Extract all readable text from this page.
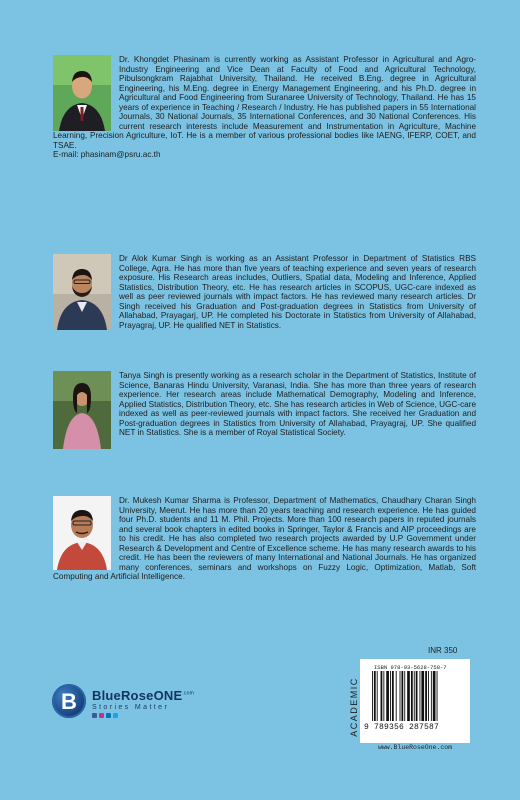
Dr. Khongdet Phasinam is currently working as Assistant Professor in Agricultural and Agro-Industry Engineering and Vice Dean at Faculty of Food and Agricultural Technology, Pibulsongkram Rajabhat University, Thailand. He received B.Eng. degree in Agricultural Engineering, his M.Eng. degree in Energy Management Engineering, and his Ph.D. degree in Agricultural and Food Engineering from Suranaree University of Technology, Thailand. He has 15 years of experience in Teaching / Research / Industry. He has published papers in 55 International Journals, 30 National Journals, 35 International Conferences, and 30 National Conferences. His current research interests include Measurement and Instrumentation in Agriculture, Machine Learning, Precision Agriculture, IoT. He is a member of various professional bodies like IAENG, IFERP, COET, and TSAE.

E-mail: phasinam@psru.ac.th

Dr Alok Kumar Singh is working as an Assistant Professor in Department of Statistics RBS College, Agra. He has more than five years of teaching experience and seven years of research exposure. His Research areas includes, Outliers, Spatial data, Modeling and Inference, Applied Statistics, Distribution Theory, etc. He has research articles in SCOPUS, UGC-care indexed as well as peer reviewed journals with impact factors. He has reviewed many research articles. Dr Singh received his Graduation and Post-graduation degrees in Statistics from University of Allahabad, Prayagarj, UP. He completed his Doctorate in Statistics from University of Allahabad, Prayagraj, UP. He qualified NET in Statistics.

Tanya Singh is presently working as a research scholar in the Department of Statistics, Institute of Science, Banaras Hindu University, Varanasi, India. She has more than three years of research experience. Her research areas include Mathematical Demography, Modeling and Inference, Applied Statistics, Distribution Theory, etc. She has research articles in Web of Science, UGC-care indexed as well as peer-reviewed journals with impact factors. She received her Graduation and Post-graduation degrees in Statistics from University of Allahabad, Prayagraj, UP. She qualified NET in Statistics. She is a member of Royal Statistical Society.

Dr. Mukesh Kumar Sharma is Professor, Department of Mathematics, Chaudhary Charan Singh University, Meerut. He has more than 20 years teaching and research experience. He has guided four Ph.D. students and 11 M. Phil. Projects. More than 100 research papers in reputed journals and several book chapters in edited books in Springer, Taylor & Francis and AIP proceedings are to his credit. He has also completed two research projects awarded by U.P Government under Research & Development and Centre of Excellence scheme. He has many research awards to his credit. He has been the reviewers of many International and National Journals. He has organized many conferences, seminars and workshops on Fuzzy Logic, Optimization, Matlab, Soft Computing and Artificial Intelligence.

B BlueRoseONE$^{.com}$
Stories Matter
INR 350
ACADEMIC
ISBN 978-93-5628-758-7
9 789356 287587
www.BlueRoseOne.com
